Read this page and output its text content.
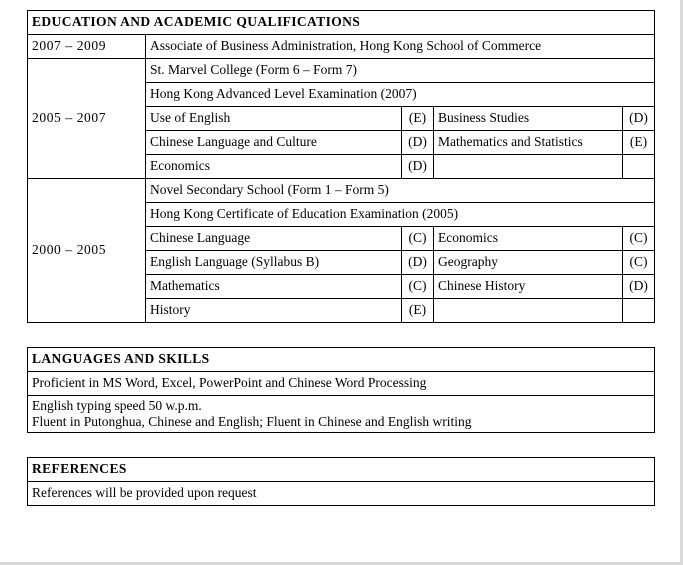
EDUCATION AND ACADEMIC QUALIFICATIONS				
2007 – 2009	Associate of Business Administration, Hong Kong School of Commerce			
2005 – 2007	St. Marvel College (Form 6 – Form 7)			
	Hong Kong Advanced Level Examination (2007)			
	Use of English	(E)	Business Studies	(D)
	Chinese Language and Culture	(D)	Mathematics and Statistics	(E)
	Economics	(D)		
2000 – 2005	Novel Secondary School (Form 1 – Form 5)			
	Hong Kong Certificate of Education Examination (2005)			
	Chinese Language	(C)	Economics	(C)
	English Language (Syllabus B)	(D)	Geography	(C)
	Mathematics	(C)	Chinese History	(D)
	History	(E)		
LANGUAGES AND SKILLS
Proficient in MS Word, Excel, PowerPoint and Chinese Word Processing
English typing speed 50 w.p.m.
Fluent in Putonghua, Chinese and English; Fluent in Chinese and English writing
REFERENCES
References will be provided upon request
